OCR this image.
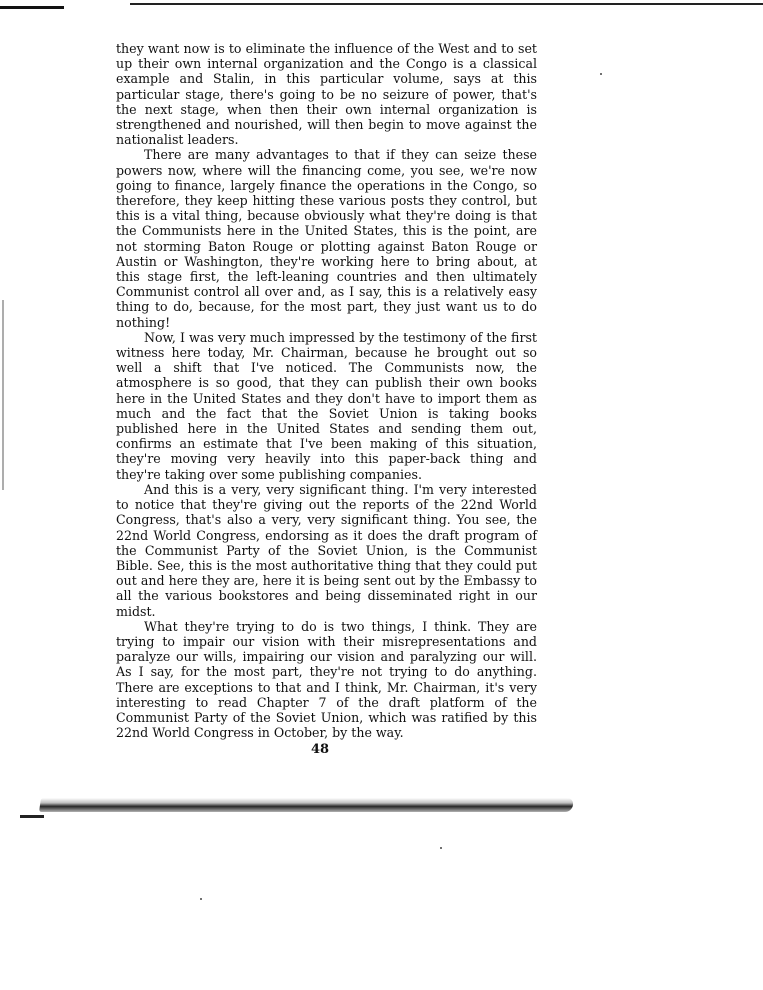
they want now is to eliminate the influence of the West and to set up their own internal organization and the Congo is a classical example and Stalin, in this particular volume, says at this particular stage, there's going to be no seizure of power, that's the next stage, when then their own internal organization is strengthened and nourished, will then begin to move against the nationalist leaders.

There are many advantages to that if they can seize these powers now, where will the financing come, you see, we're now going to finance, largely finance the operations in the Congo, so therefore, they keep hitting these various posts they control, but this is a vital thing, because obviously what they're doing is that the Communists here in the United States, this is the point, are not storming Baton Rouge or plotting against Baton Rouge or Austin or Washington, they're working here to bring about, at this stage first, the left-leaning countries and then ultimately Communist control all over and, as I say, this is a relatively easy thing to do, because, for the most part, they just want us to do nothing!

Now, I was very much impressed by the testimony of the first witness here today, Mr. Chairman, because he brought out so well a shift that I've noticed. The Communists now, the atmosphere is so good, that they can publish their own books here in the United States and they don't have to import them as much and the fact that the Soviet Union is taking books published here in the United States and sending them out, confirms an estimate that I've been making of this situation, they're moving very heavily into this paper-back thing and they're taking over some publishing companies.

And this is a very, very significant thing. I'm very interested to notice that they're giving out the reports of the 22nd World Congress, that's also a very, very significant thing. You see, the 22nd World Congress, endorsing as it does the draft program of the Communist Party of the Soviet Union, is the Communist Bible. See, this is the most authoritative thing that they could put out and here they are, here it is being sent out by the Embassy to all the various bookstores and being disseminated right in our midst.

What they're trying to do is two things, I think. They are trying to impair our vision with their misrepresentations and paralyze our wills, impairing our vision and paralyzing our will. As I say, for the most part, they're not trying to do anything. There are exceptions to that and I think, Mr. Chairman, it's very interesting to read Chapter 7 of the draft platform of the Communist Party of the Soviet Union, which was ratified by this 22nd World Congress in October, by the way.

48
